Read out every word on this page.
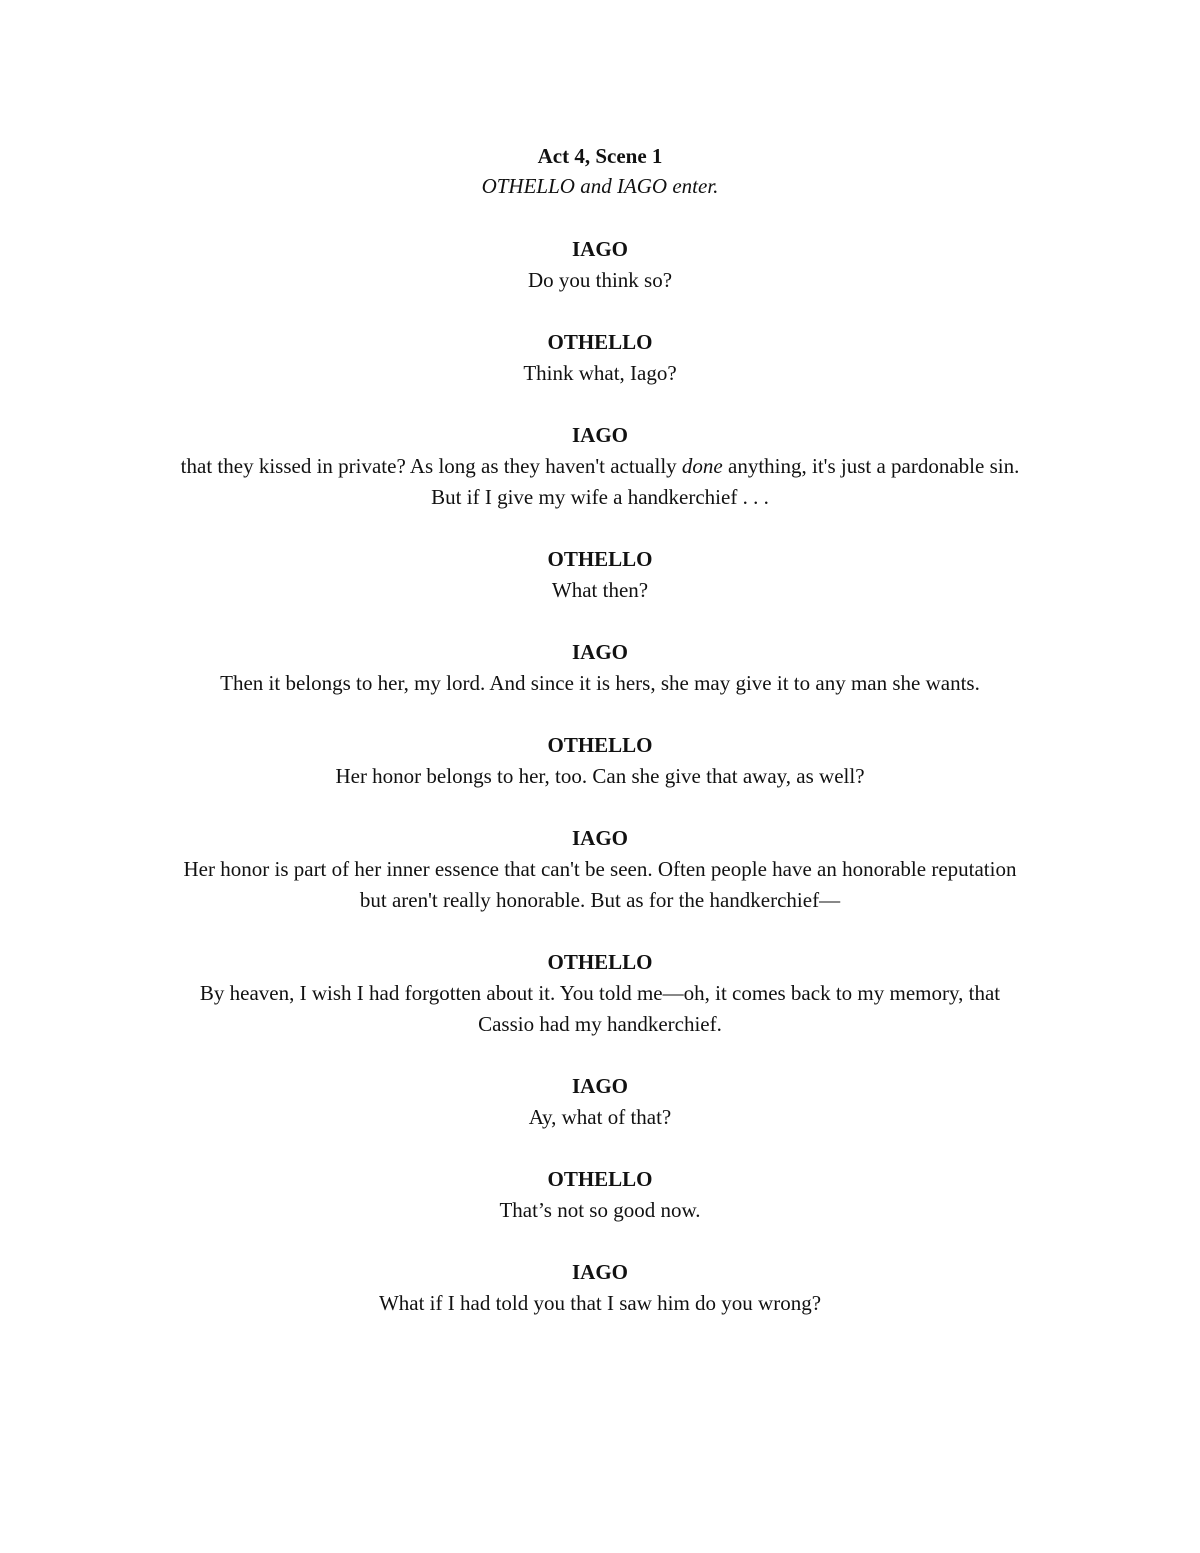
Act 4, Scene 1
OTHELLO and IAGO enter.
IAGO
Do you think so?
OTHELLO
Think what, Iago?
IAGO
that they kissed in private? As long as they haven't actually done anything, it's just a pardonable sin.
But if I give my wife a handkerchief . . .
OTHELLO
What then?
IAGO
Then it belongs to her, my lord. And since it is hers, she may give it to any man she wants.
OTHELLO
Her honor belongs to her, too. Can she give that away, as well?
IAGO
Her honor is part of her inner essence that can't be seen. Often people have an honorable reputation
but aren't really honorable. But as for the handkerchief—
OTHELLO
By heaven, I wish I had forgotten about it. You told me—oh, it comes back to my memory, that
Cassio had my handkerchief.
IAGO
Ay, what of that?
OTHELLO
That’s not so good now.
IAGO
What if I had told you that I saw him do you wrong?
